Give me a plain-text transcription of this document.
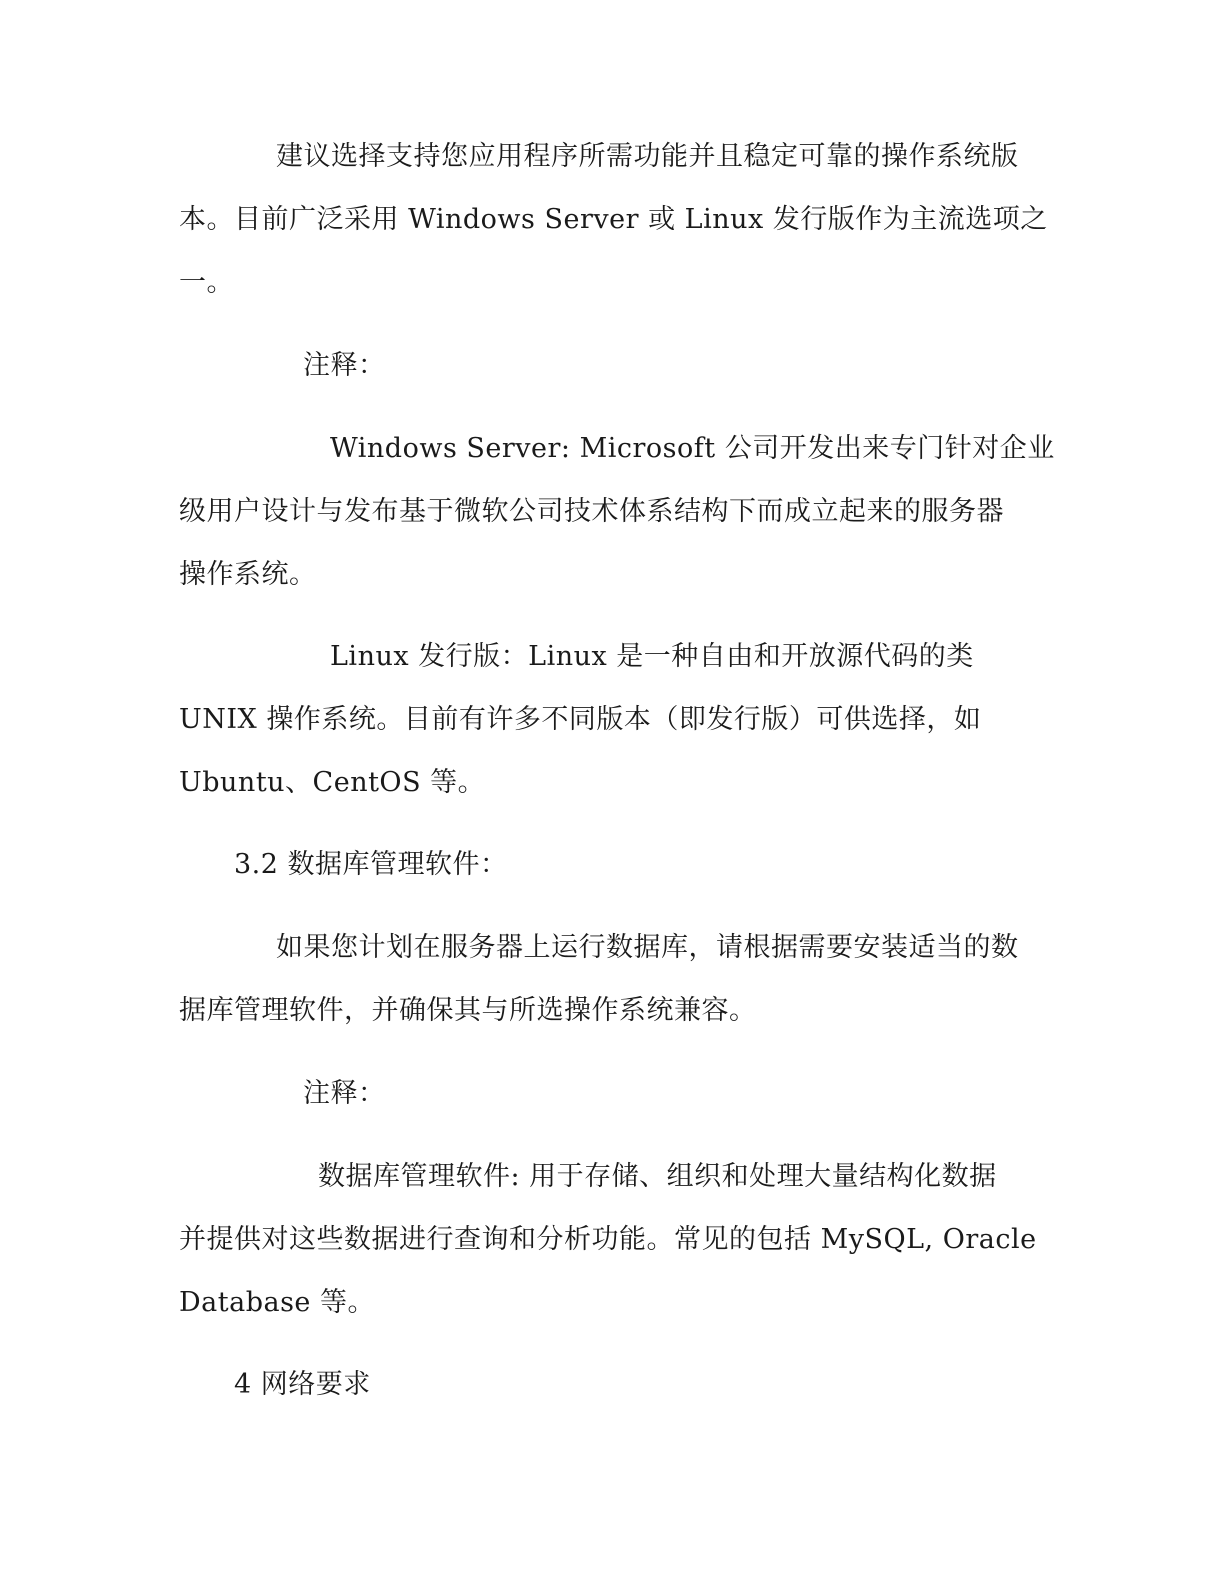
建议选择支持您应用程序所需功能并且稳定可靠的操作系统版
本。目前广泛采用 Windows Server 或 Linux 发行版作为主流选项之
一。
注释：
Windows Server: Microsoft 公司开发出来专门针对企业
级用户设计与发布基于微软公司技术体系结构下而成立起来的服务器
操作系统。
Linux 发行版：Linux 是一种自由和开放源代码的类
UNIX 操作系统。目前有许多不同版本（即发行版）可供选择，如
Ubuntu、CentOS 等。
3.2 数据库管理软件：
如果您计划在服务器上运行数据库，请根据需要安装适当的数
据库管理软件，并确保其与所选操作系统兼容。
注释：
数据库管理软件: 用于存储、组织和处理大量结构化数据
并提供对这些数据进行查询和分析功能。常见的包括 MySQL, Oracle
Database 等。
4 网络要求
